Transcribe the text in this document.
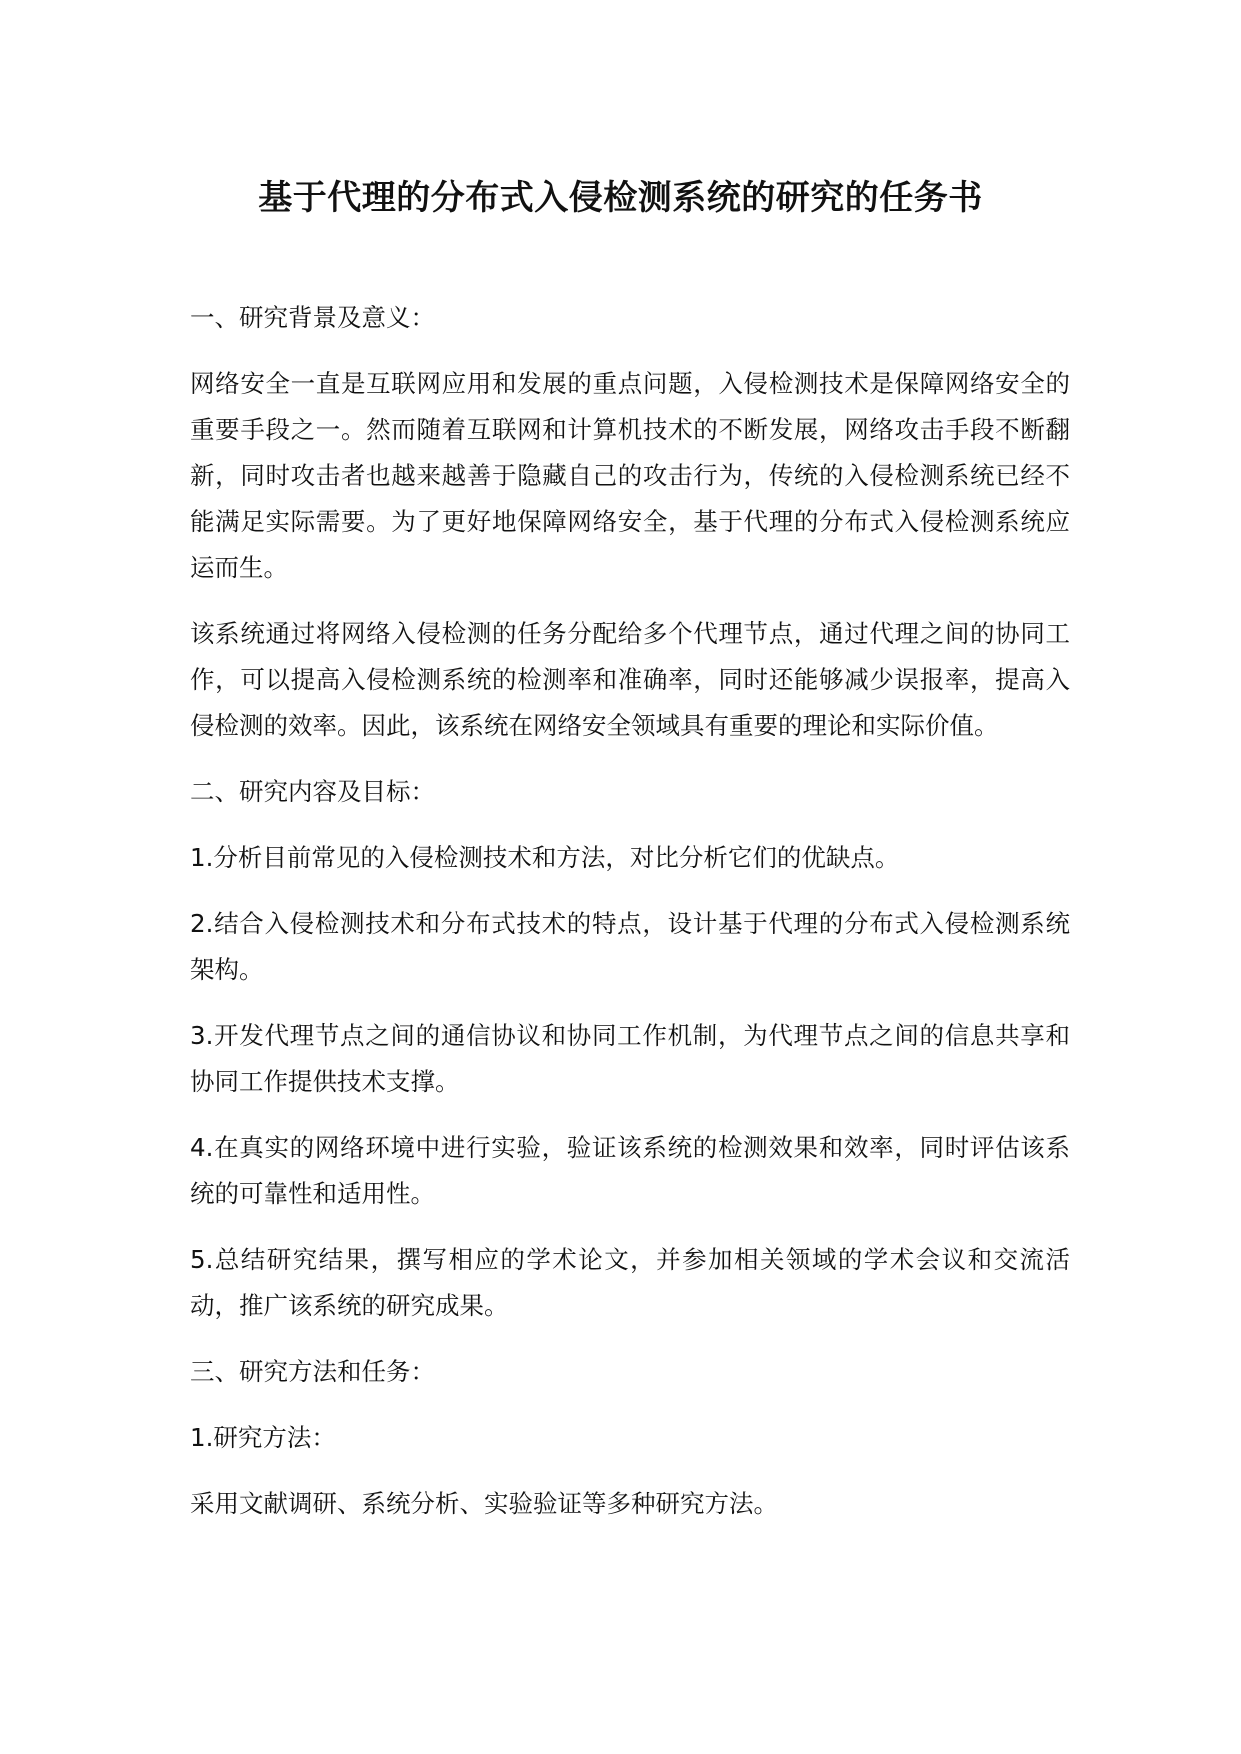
基于代理的分布式入侵检测系统的研究的任务书

一、研究背景及意义：

网络安全一直是互联网应用和发展的重点问题，入侵检测技术是保障网络安全的重要手段之一。然而随着互联网和计算机技术的不断发展，网络攻击手段不断翻新，同时攻击者也越来越善于隐藏自己的攻击行为，传统的入侵检测系统已经不能满足实际需要。为了更好地保障网络安全，基于代理的分布式入侵检测系统应运而生。

该系统通过将网络入侵检测的任务分配给多个代理节点，通过代理之间的协同工作，可以提高入侵检测系统的检测率和准确率，同时还能够减少误报率，提高入侵检测的效率。因此，该系统在网络安全领域具有重要的理论和实际价值。

二、研究内容及目标：

1.分析目前常见的入侵检测技术和方法，对比分析它们的优缺点。

2.结合入侵检测技术和分布式技术的特点，设计基于代理的分布式入侵检测系统架构。

3.开发代理节点之间的通信协议和协同工作机制，为代理节点之间的信息共享和协同工作提供技术支撑。

4.在真实的网络环境中进行实验，验证该系统的检测效果和效率，同时评估该系统的可靠性和适用性。

5.总结研究结果，撰写相应的学术论文，并参加相关领域的学术会议和交流活动，推广该系统的研究成果。

三、研究方法和任务：

1.研究方法：

采用文献调研、系统分析、实验验证等多种研究方法。
